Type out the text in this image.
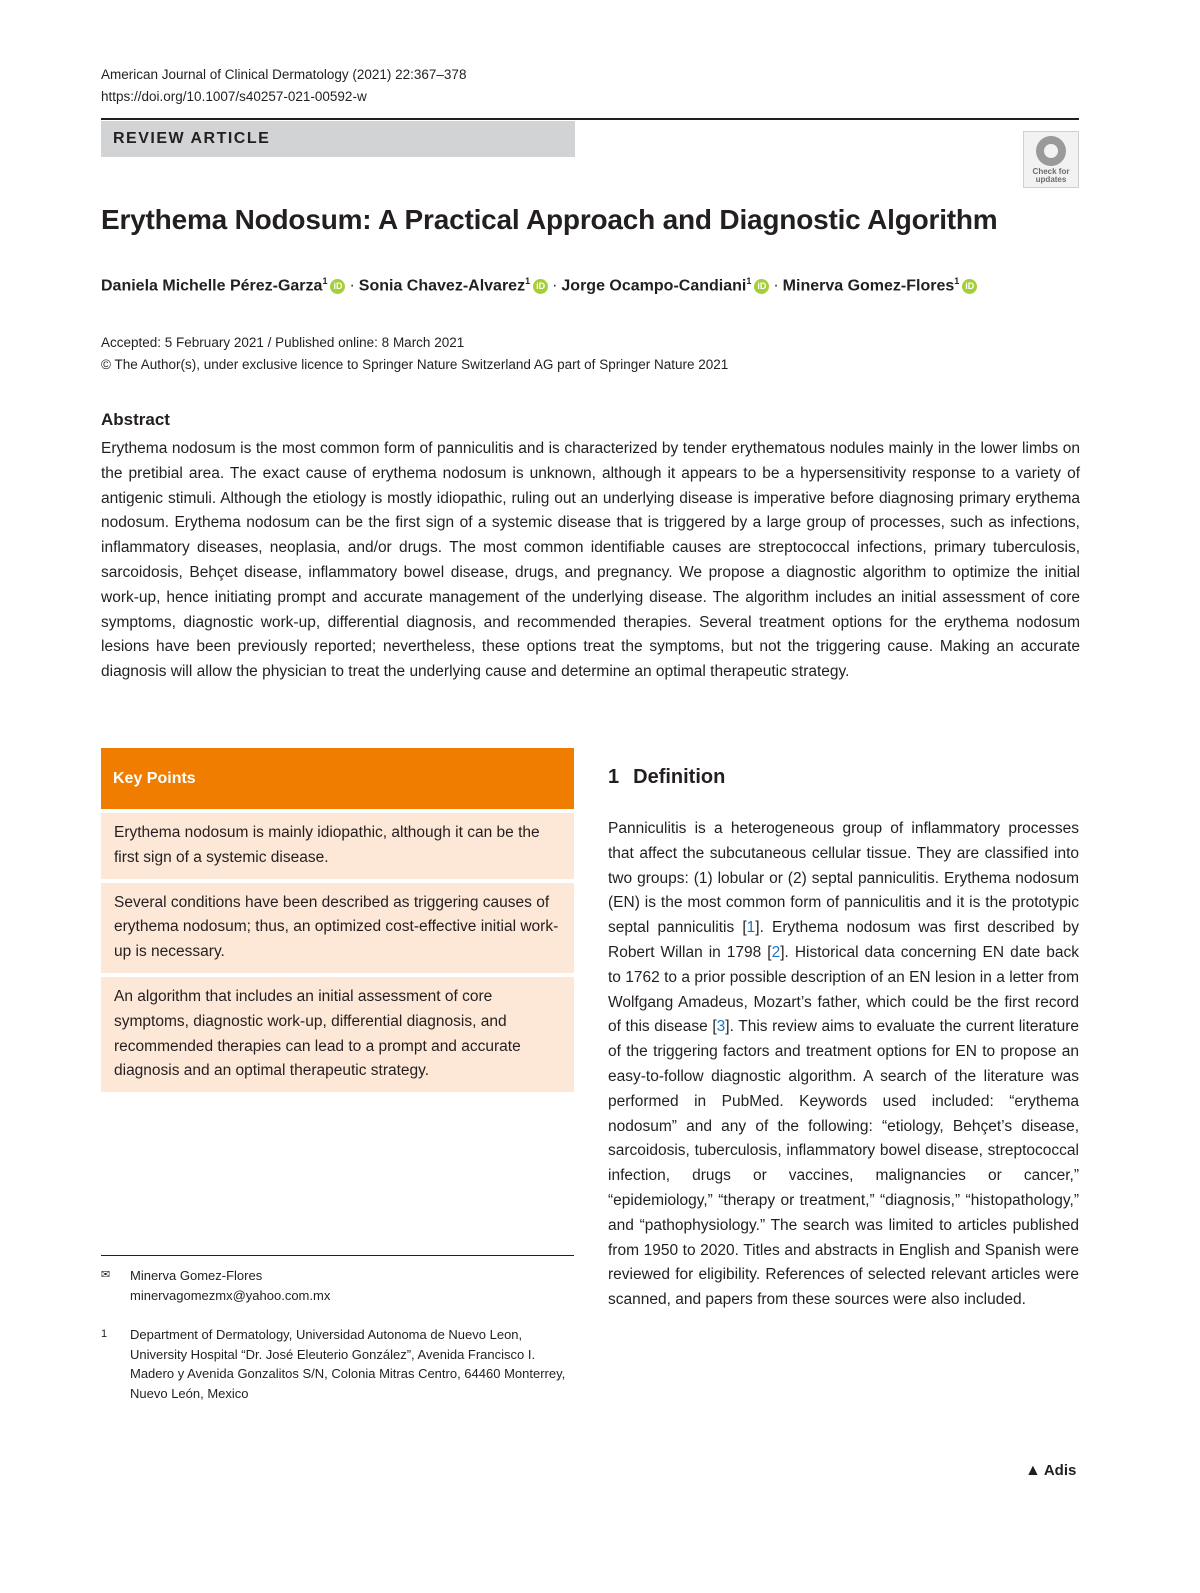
American Journal of Clinical Dermatology (2021) 22:367–378
https://doi.org/10.1007/s40257-021-00592-w
REVIEW ARTICLE
Check for updates
Erythema Nodosum: A Practical Approach and Diagnostic Algorithm
Daniela Michelle Pérez-Garza$^1$iD · Sonia Chavez-Alvarez$^1$iD · Jorge Ocampo-Candiani$^1$iD · Minerva Gomez-Flores$^1$iD
Accepted: 5 February 2021 / Published online: 8 March 2021
© The Author(s), under exclusive licence to Springer Nature Switzerland AG part of Springer Nature 2021
Abstract

Erythema nodosum is the most common form of panniculitis and is characterized by tender erythematous nodules mainly in the lower limbs on the pretibial area. The exact cause of erythema nodosum is unknown, although it appears to be a hypersensitivity response to a variety of antigenic stimuli. Although the etiology is mostly idiopathic, ruling out an underlying disease is imperative before diagnosing primary erythema nodosum. Erythema nodosum can be the first sign of a systemic disease that is triggered by a large group of processes, such as infections, inflammatory diseases, neoplasia, and/or drugs. The most common identifiable causes are streptococcal infections, primary tuberculosis, sarcoidosis, Behçet disease, inflammatory bowel disease, drugs, and pregnancy. We propose a diagnostic algorithm to optimize the initial work-up, hence initiating prompt and accurate management of the underlying disease. The algorithm includes an initial assessment of core symptoms, diagnostic work-up, differential diagnosis, and recommended therapies. Several treatment options for the erythema nodosum lesions have been previously reported; nevertheless, these options treat the symptoms, but not the triggering cause. Making an accurate diagnosis will allow the physician to treat the underlying cause and determine an optimal therapeutic strategy.

Key Points
Erythema nodosum is mainly idiopathic, although it can be the first sign of a systemic disease.
Several conditions have been described as triggering causes of erythema nodosum; thus, an optimized cost-effective initial work-up is necessary.
An algorithm that includes an initial assessment of core symptoms, diagnostic work-up, differential diagnosis, and recommended therapies can lead to a prompt and accurate diagnosis and an optimal therapeutic strategy.
1 Definition

Panniculitis is a heterogeneous group of inflammatory processes that affect the subcutaneous cellular tissue. They are classified into two groups: (1) lobular or (2) septal panniculitis. Erythema nodosum (EN) is the most common form of panniculitis and it is the prototypic septal panniculitis [1]. Erythema nodosum was first described by Robert Willan in 1798 [2]. Historical data concerning EN date back to 1762 to a prior possible description of an EN lesion in a letter from Wolfgang Amadeus, Mozart’s father, which could be the first record of this disease [3]. This review aims to evaluate the current literature of the triggering factors and treatment options for EN to propose an easy-to-follow diagnostic algorithm. A search of the literature was performed in PubMed. Keywords used included: “erythema nodosum” and any of the following: “etiology, Behçet’s disease, sarcoidosis, tuberculosis, inflammatory bowel disease, streptococcal infection, drugs or vaccines, malignancies or cancer,” “epidemiology,” “therapy or treatment,” “diagnosis,” “histopathology,” and “pathophysiology.” The search was limited to articles published from 1950 to 2020. Titles and abstracts in English and Spanish were reviewed for eligibility. References of selected relevant articles were scanned, and papers from these sources were also included.

✉ Minerva Gomez-Flores
minervagomezmx@yahoo.com.mx
1 Department of Dermatology, Universidad Autonoma de Nuevo Leon, University Hospital “Dr. José Eleuterio González”, Avenida Francisco I. Madero y Avenida Gonzalitos S/N, Colonia Mitras Centro, 64460 Monterrey, Nuevo León, Mexico
▲ Adis
